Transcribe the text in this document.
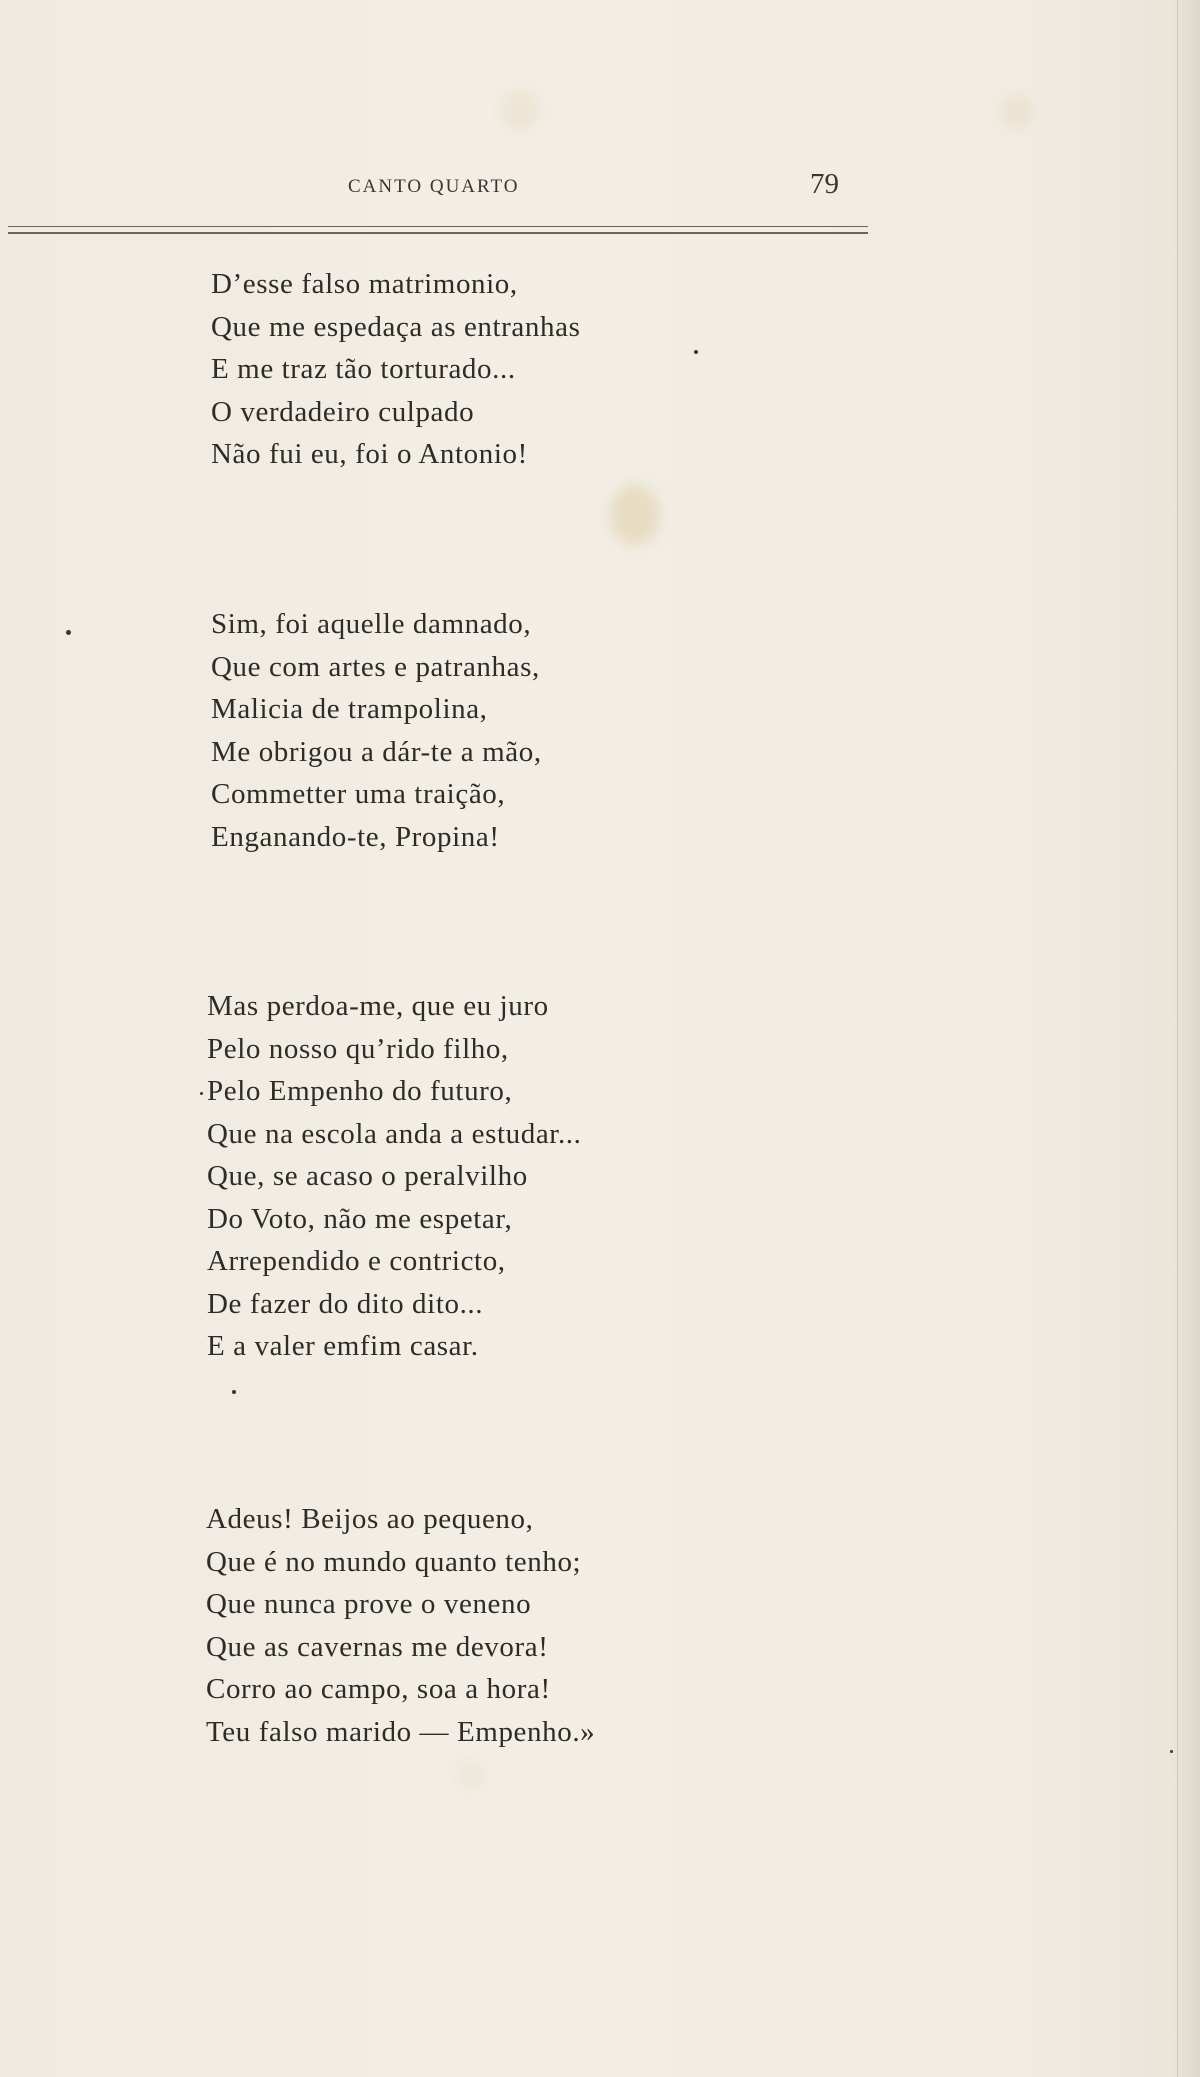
CANTO QUARTO	79
D’esse falso matrimonio,
Que me espedaça as entranhas
E me traz tão torturado...
O verdadeiro culpado
Não fui eu, foi o Antonio!
Sim, foi aquelle damnado,
Que com artes e patranhas,
Malicia de trampolina,
Me obrigou a dár-te a mão,
Commetter uma traição,
Enganando-te, Propina!
Mas perdoa-me, que eu juro
Pelo nosso qu’rido filho,
Pelo Empenho do futuro,
Que na escola anda a estudar...
Que, se acaso o peralvilho
Do Voto, não me espetar,
Arrependido e contricto,
De fazer do dito dito...
E a valer emfim casar.
Adeus! Beijos ao pequeno,
Que é no mundo quanto tenho;
Que nunca prove o veneno
Que as cavernas me devora!
Corro ao campo, soa a hora!
Teu falso marido — Empenho.»
